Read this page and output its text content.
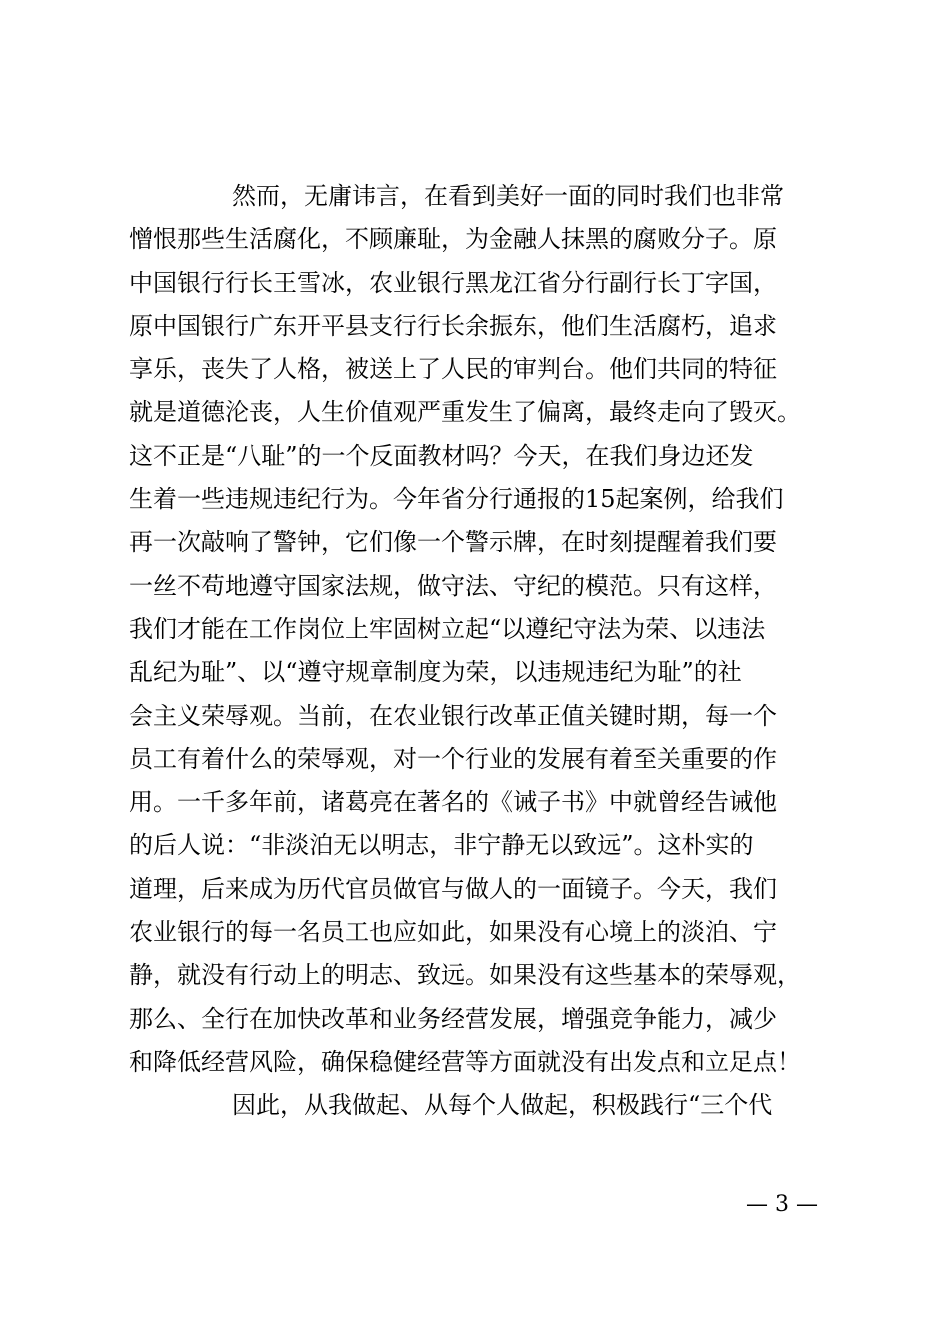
然而，无庸讳言，在看到美好一面的同时我们也非常
憎恨那些生活腐化，不顾廉耻，为金融人抹黑的腐败分子。原
中国银行行长王雪冰，农业银行黑龙江省分行副行长丁字国，
原中国银行广东开平县支行行长余振东，他们生活腐朽，追求
享乐，丧失了人格，被送上了人民的审判台。他们共同的特征
就是道德沦丧，人生价值观严重发生了偏离，最终走向了毁灭。
这不正是“八耻”的一个反面教材吗？今天，在我们身边还发
生着一些违规违纪行为。今年省分行通报的15起案例，给我们
再一次敲响了警钟，它们像一个警示牌，在时刻提醒着我们要
一丝不苟地遵守国家法规，做守法、守纪的模范。只有这样，
我们才能在工作岗位上牢固树立起“以遵纪守法为荣、以违法
乱纪为耻”、以“遵守规章制度为荣，以违规违纪为耻”的社
会主义荣辱观。当前，在农业银行改革正值关键时期，每一个
员工有着什么的荣辱观，对一个行业的发展有着至关重要的作
用。一千多年前，诸葛亮在著名的《诫子书》中就曾经告诫他
的后人说：“非淡泊无以明志，非宁静无以致远”。这朴实的
道理，后来成为历代官员做官与做人的一面镜子。今天，我们
农业银行的每一名员工也应如此，如果没有心境上的淡泊、宁
静，就没有行动上的明志、致远。如果没有这些基本的荣辱观，
那么、全行在加快改革和业务经营发展，增强竞争能力，减少
和降低经营风险，确保稳健经营等方面就没有出发点和立足点！
因此，从我做起、从每个人做起，积极践行“三个代
— 3 —
